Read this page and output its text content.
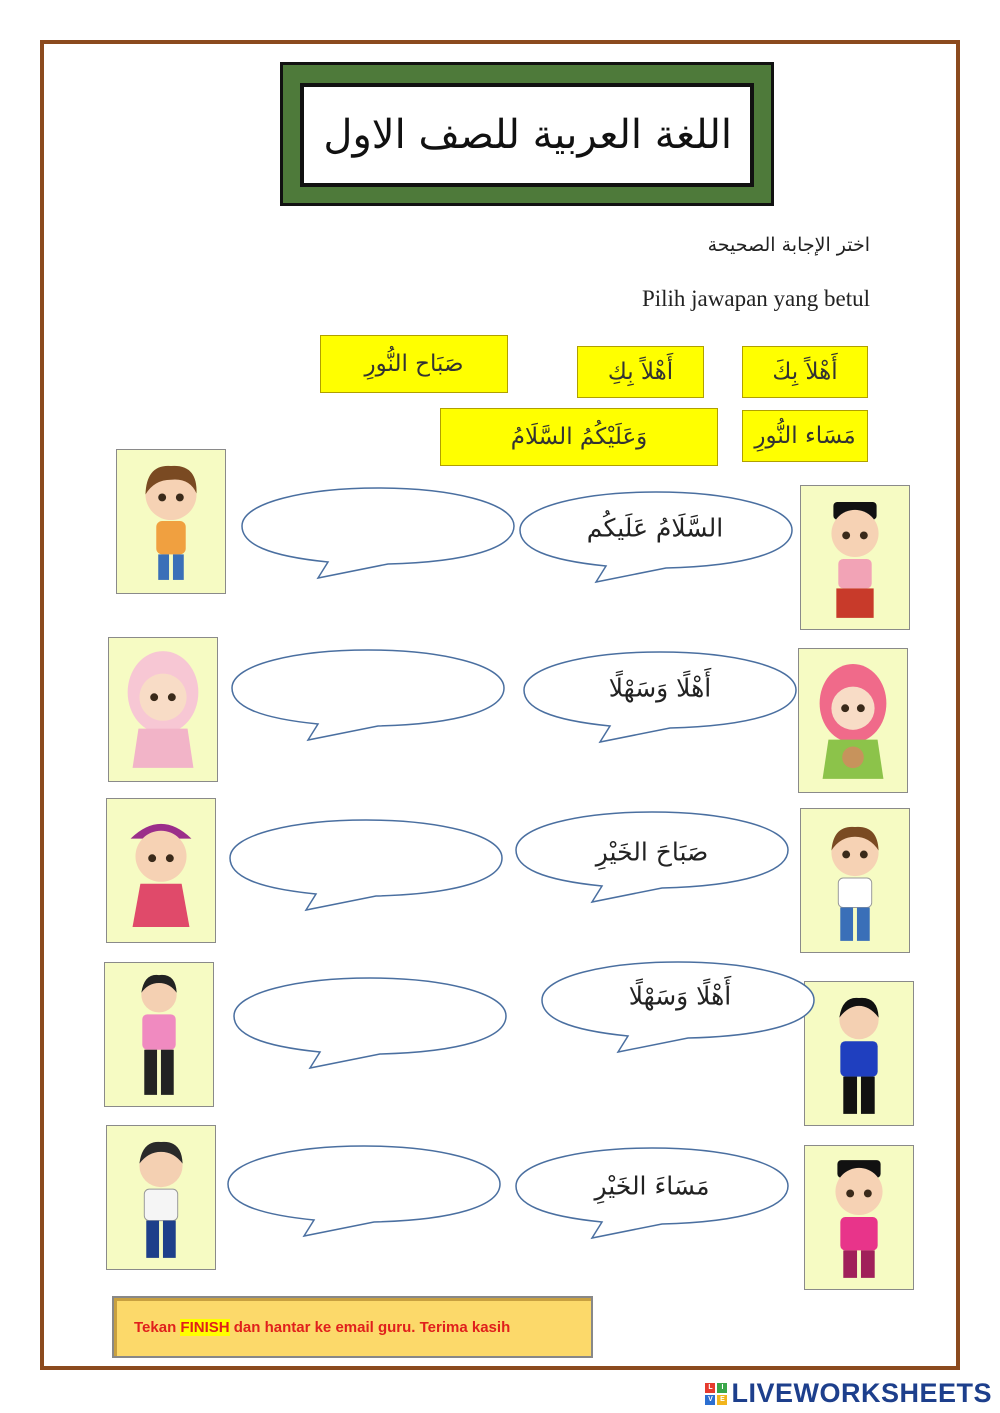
اللغة العربية للصف الاول
اختر الإجابة الصحيحة
Pilih jawapan yang betul
صَبَاح النُّورِ	أَهْلاً بِكِ	أَهْلاً بِكَ
وَعَلَيْكُمُ السَّلَامُ	مَسَاء النُّورِ
السَّلَامُ عَلَيكُم
أَهْلًا وَسَهْلًا
صَبَاحَ الخَيْرِ
أَهْلًا وَسَهْلًا
مَسَاءَ الخَيْرِ
Tekan FINISH dan hantar ke email guru. Terima kasih
L	I
V	E LIVEWORKSHEETS
